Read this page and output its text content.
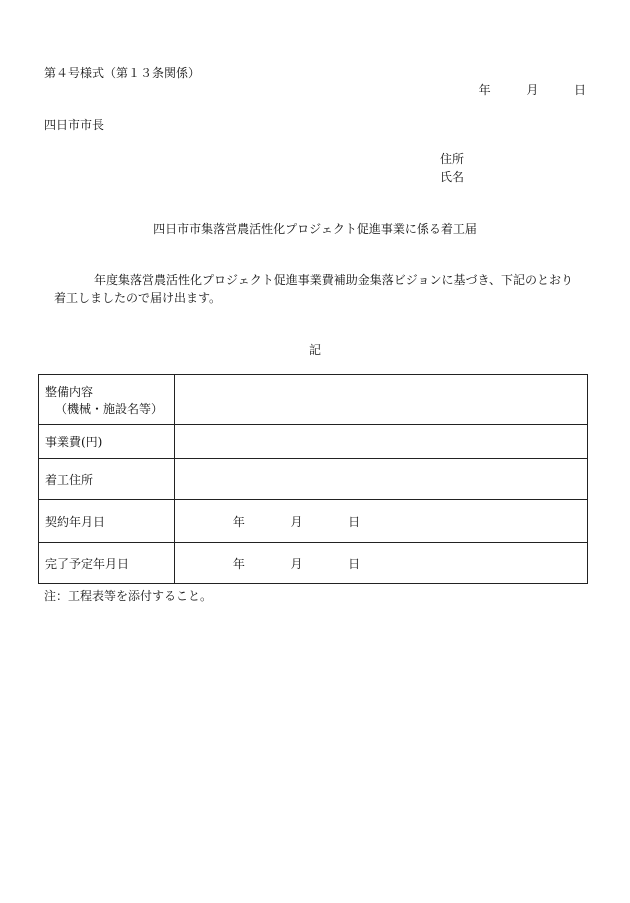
第４号様式（第１３条関係）
年	月	日
四日市市長
住所
氏名
四日市市集落営農活性化プロジェクト促進事業に係る着工届
年度集落営農活性化プロジェクト促進事業費補助金集落ビジョンに基づき、下記のとおり
着工しましたので届け出ます。
記
整備内容
（機械・施設名等）	

事業費(円)	
着工住所	
契約年月日	年 月 日
完了予定年月日	年 月 日
注：工程表等を添付すること。
